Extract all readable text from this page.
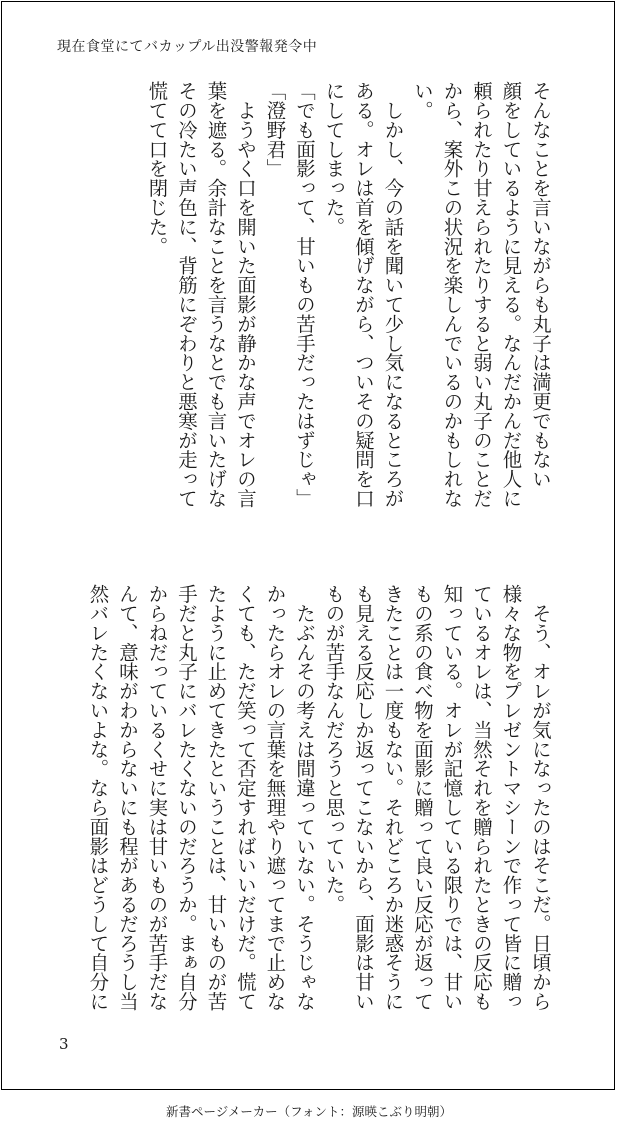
現在食堂にてバカップル出没警報発令中
そんなことを言いながらも丸子は満更でもない
顔をしているように見える。なんだかんだ他人に
頼られたり甘えられたりすると弱い丸子のことだ
から、案外この状況を楽しんでいるのかもしれな
い。
　しかし、今の話を聞いて少し気になるところが
ある。オレは首を傾げながら、ついその疑問を口
にしてしまった。
「でも面影って、甘いもの苦手だったはずじゃ」
「澄野君」
　ようやく口を開いた面影が静かな声でオレの言
葉を遮る。余計なことを言うなとでも言いたげな
その冷たい声色に、背筋にぞわりと悪寒が走って
慌てて口を閉じた。
　そう、オレが気になったのはそこだ。日頃から
様々な物をプレゼントマシーンで作って皆に贈っ
ているオレは、当然それを贈られたときの反応も
知っている。オレが記憶している限りでは、甘い
もの系の食べ物を面影に贈って良い反応が返って
きたことは一度もない。それどころか迷惑そうに
も見える反応しか返ってこないから、面影は甘い
ものが苦手なんだろうと思っていた。
　たぶんその考えは間違っていない。そうじゃな
かったらオレの言葉を無理やり遮ってまで止めな
くても、ただ笑って否定すればいいだけだ。慌て
たように止めてきたということは、甘いものが苦
手だと丸子にバレたくないのだろうか。まぁ自分
からねだっているくせに実は甘いものが苦手だな
んて、意味がわからないにも程があるだろうし当
然バレたくないよな。なら面影はどうして自分に
3
新書ページメーカー（フォント：源暎こぶり明朝）
